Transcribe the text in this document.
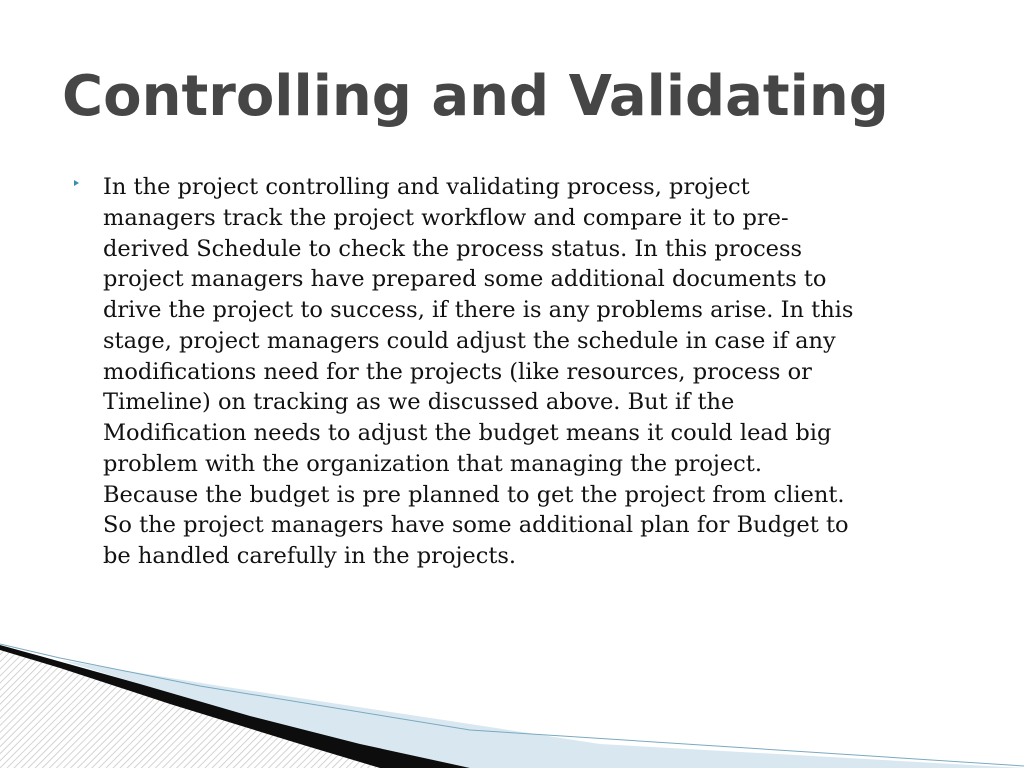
Controlling and Validating
In the project controlling and validating process, project
managers track the project workflow and compare it to pre-
derived Schedule to check the process status. In this process
project managers have prepared some additional documents to
drive the project to success, if there is any problems arise. In this
stage, project managers could adjust the schedule in case if any
modifications need for the projects (like resources, process or
Timeline) on tracking as we discussed above. But if the
Modification needs to adjust the budget means it could lead big
problem with the organization that managing the project.
Because the budget is pre planned to get the project from client.
So the project managers have some additional plan for Budget to
be handled carefully in the projects.
